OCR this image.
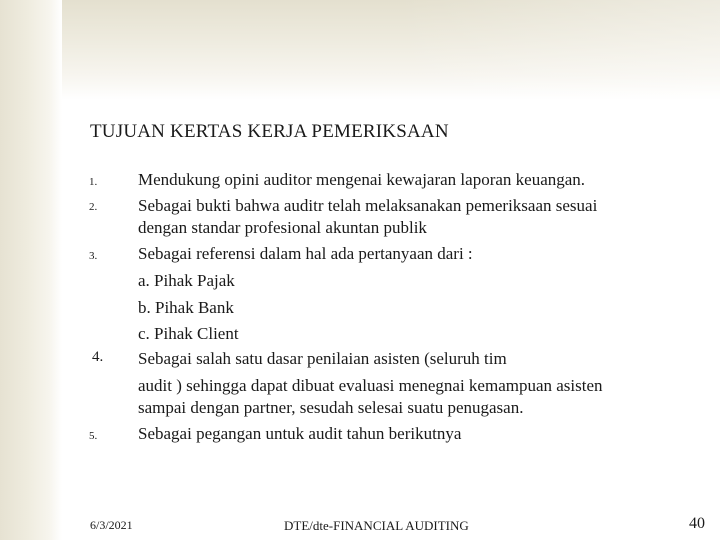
TUJUAN KERTAS KERJA PEMERIKSAAN
1. Mendukung opini auditor mengenai kewajaran laporan keuangan.
2. Sebagai bukti bahwa auditr telah melaksanakan pemeriksaan sesuai
dengan standar profesional akuntan publik
3. Sebagai referensi dalam hal ada pertanyaan dari :
a. Pihak Pajak
b. Pihak Bank
c. Pihak Client
4. Sebagai salah satu dasar penilaian asisten (seluruh tim
audit ) sehingga dapat dibuat evaluasi menegnai kemampuan asisten
sampai dengan partner, sesudah selesai suatu penugasan.
5. Sebagai pegangan untuk audit tahun berikutnya
6/3/2021	DTE/dte-FINANCIAL AUDITING	40
